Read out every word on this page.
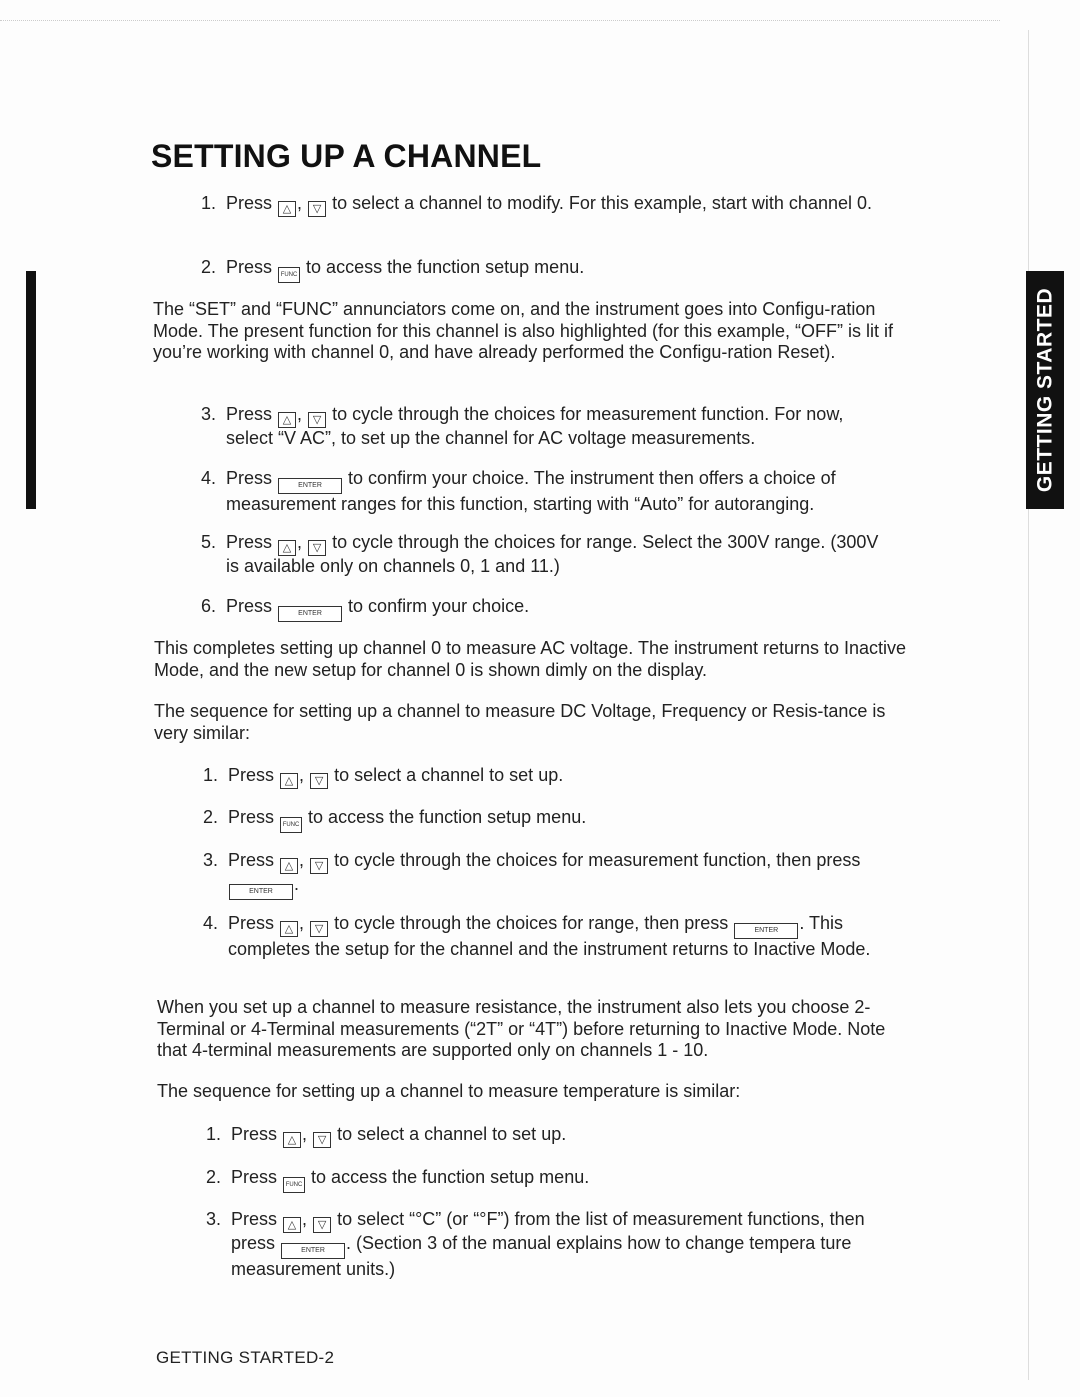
GETTING STARTED
SETTING UP A CHANNEL
1. Press △ , ▽ to select a channel to modify. For this example, start with channel 0.
2. Press FUNC to access the function setup menu.
The “SET” and “FUNC” annunciators come on, and the instrument goes into Configu-ration Mode. The present function for this channel is also highlighted (for this example, “OFF” is lit if you’re working with channel 0, and have already performed the Configu-ration Reset).
3. Press △ , ▽ to cycle through the choices for measurement function. For now, select “V AC”, to set up the channel for AC voltage measurements.
4. Press	ENTER to confirm your choice. The instrument then offers a choice of measurement ranges for this function, starting with “Auto” for autoranging.
5. Press △ , ▽ to cycle through the choices for range. Select the 300V range. (300V is available only on channels 0, 1 and 11.)
6. Press	ENTER to confirm your choice.
This completes setting up channel 0 to measure AC voltage. The instrument returns to Inactive Mode, and the new setup for channel 0 is shown dimly on the display.
The sequence for setting up a channel to measure DC Voltage, Frequency or Resis-tance is very similar:
1. Press △ , ▽ to select a channel to set up.
2. Press FUNC to access the function setup menu.
3. Press △ , ▽ to cycle through the choices for measurement function, then press ENTER .
4. Press △ , ▽ to cycle through the choices for range, then press	ENTER . This completes the setup for the channel and the instrument returns to Inactive Mode.
When you set up a channel to measure resistance, the instrument also lets you choose 2-Terminal or 4-Terminal measurements (“2T” or “4T”) before returning to Inactive Mode. Note that 4-terminal measurements are supported only on channels 1 - 10.
The sequence for setting up a channel to measure temperature is similar:
1. Press △ , ▽ to select a channel to set up.
2. Press FUNC to access the function setup menu.
3. Press △ , ▽ to select “°C” (or “°F”) from the list of measurement functions, then press	ENTER . (Section 3 of the manual explains how to change tempera ture measurement units.)
GETTING STARTED-2
